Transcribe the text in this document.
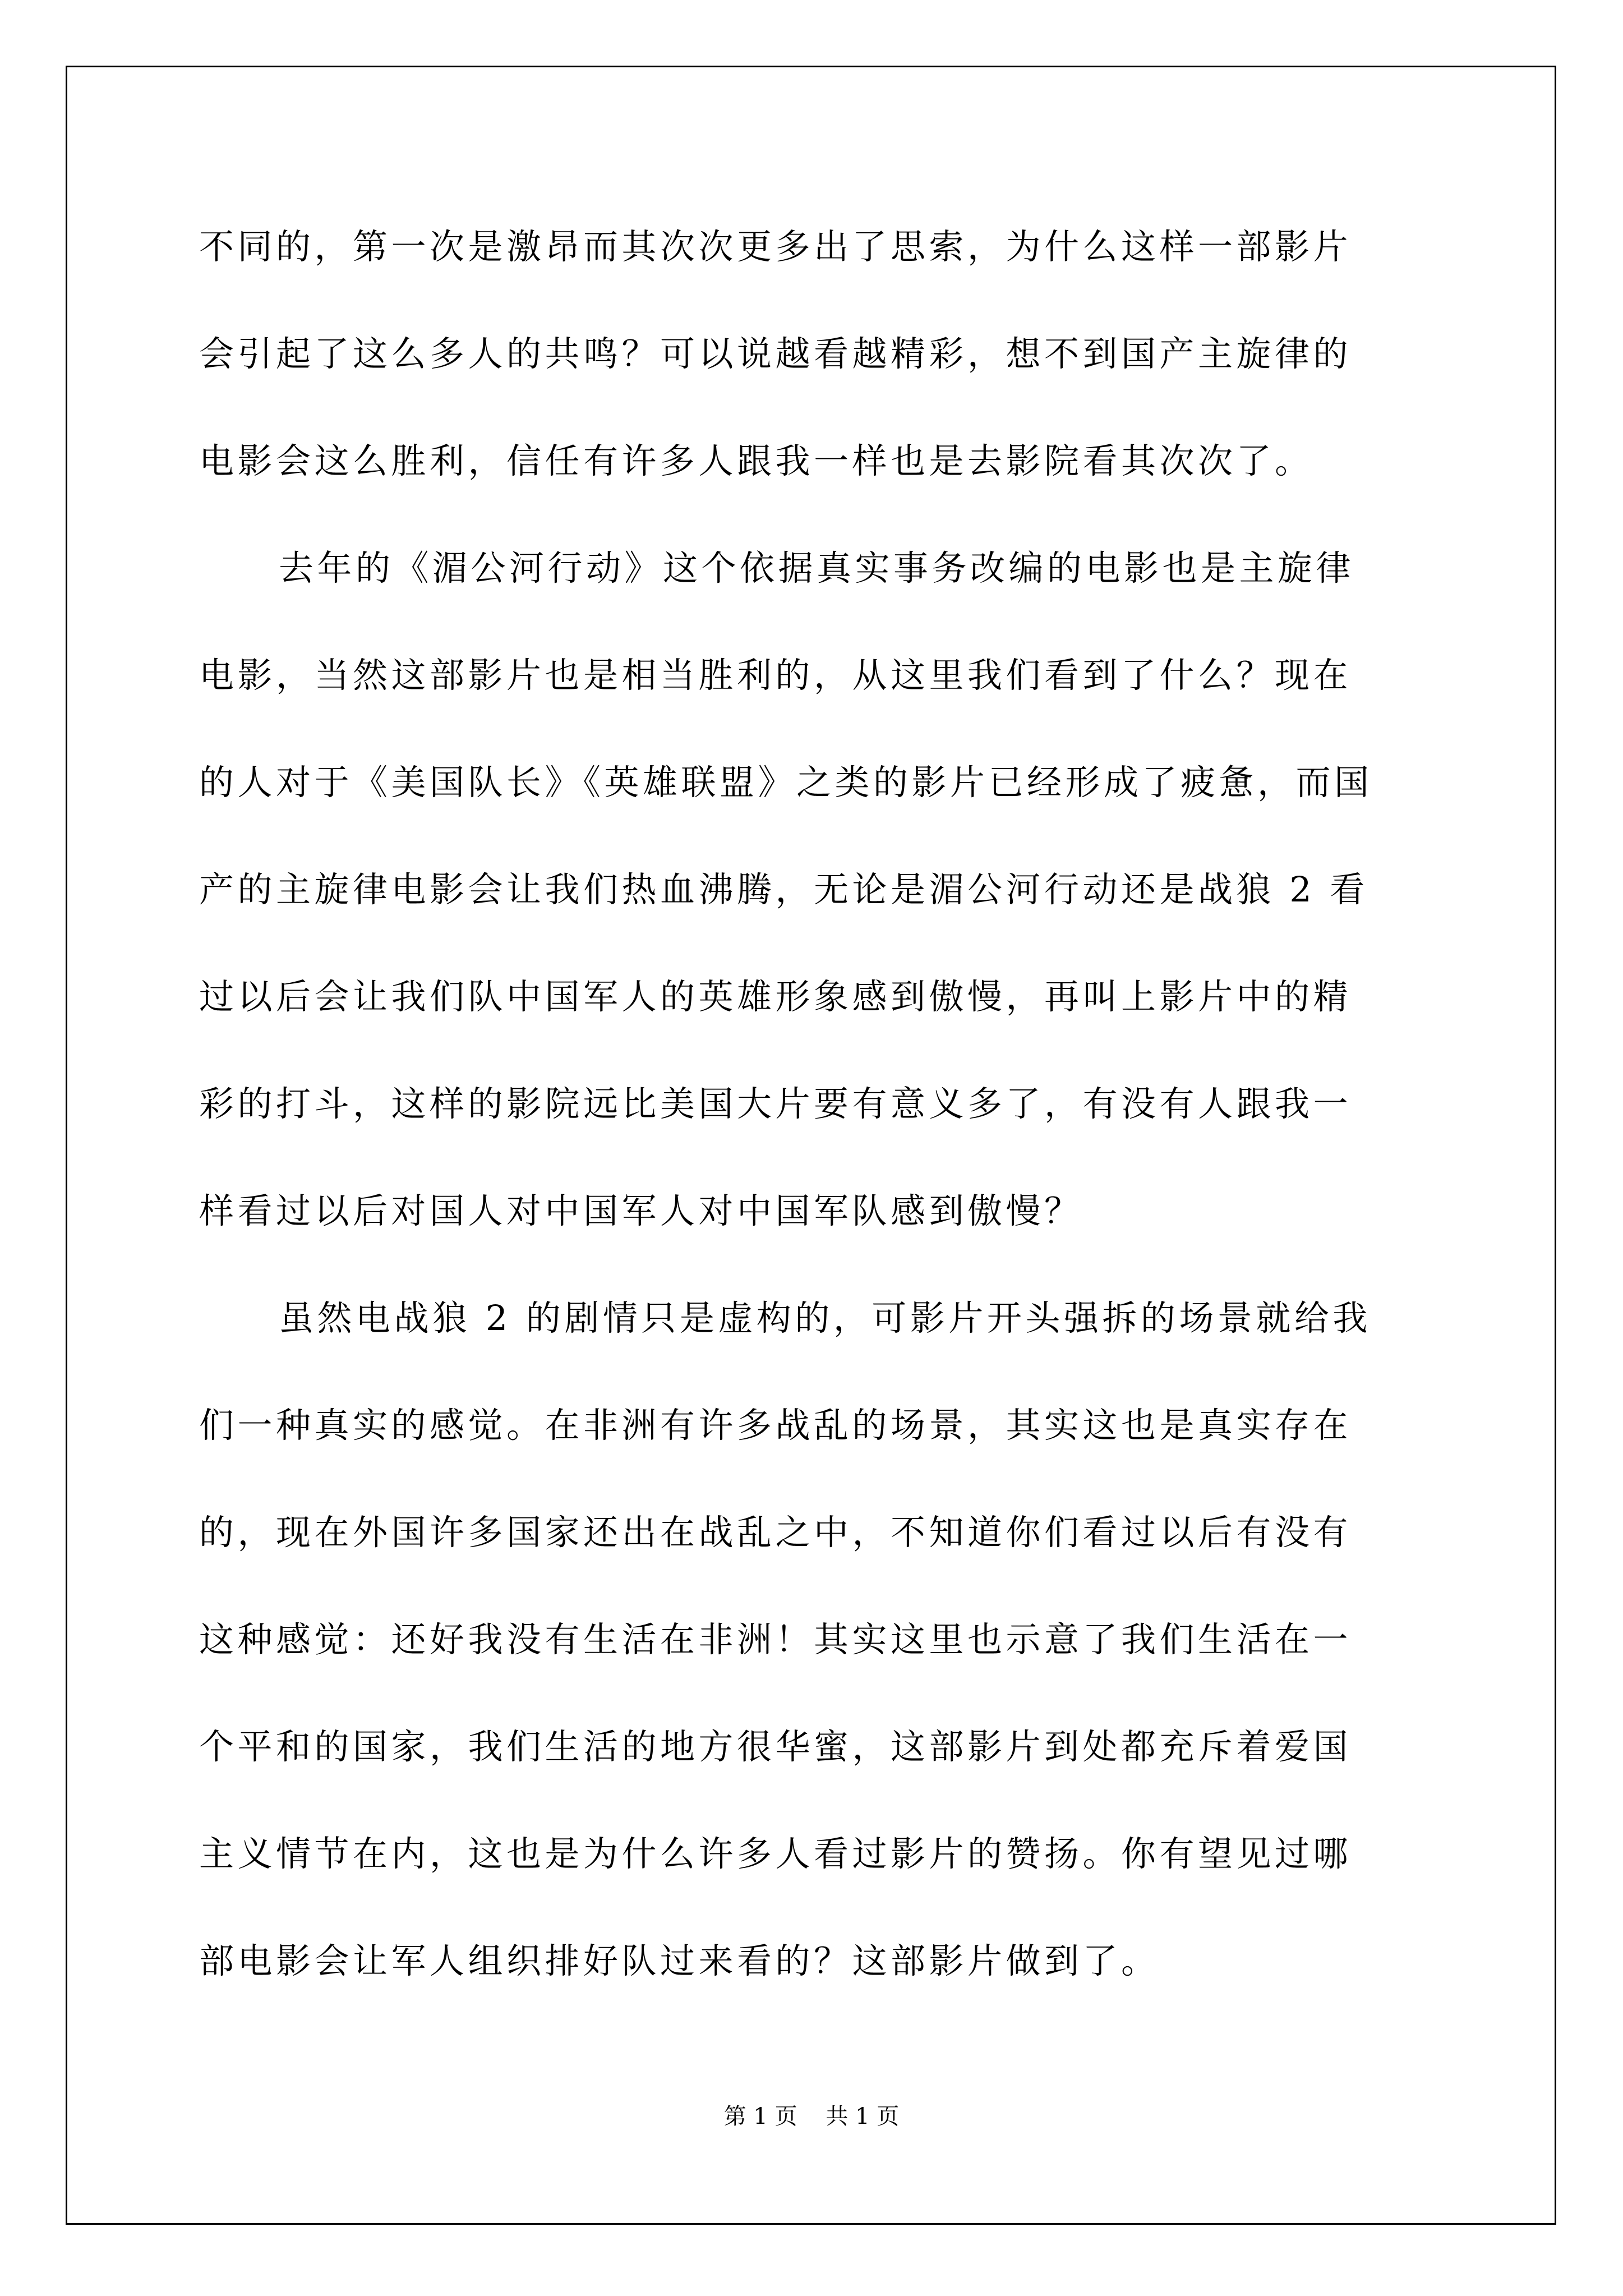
不同的，第一次是激昂而其次次更多出了思索，为什么这样一部影片
会引起了这么多人的共鸣？可以说越看越精彩，想不到国产主旋律的
电影会这么胜利，信任有许多人跟我一样也是去影院看其次次了。
去年的《湄公河行动》这个依据真实事务改编的电影也是主旋律
电影，当然这部影片也是相当胜利的，从这里我们看到了什么？现在
的人对于《美国队长》《英雄联盟》之类的影片已经形成了疲惫，而国
产的主旋律电影会让我们热血沸腾，无论是湄公河行动还是战狼 2 看
过以后会让我们队中国军人的英雄形象感到傲慢，再叫上影片中的精
彩的打斗，这样的影院远比美国大片要有意义多了，有没有人跟我一
样看过以后对国人对中国军人对中国军队感到傲慢？
虽然电战狼 2 的剧情只是虚构的，可影片开头强拆的场景就给我
们一种真实的感觉。在非洲有许多战乱的场景，其实这也是真实存在
的，现在外国许多国家还出在战乱之中，不知道你们看过以后有没有
这种感觉：还好我没有生活在非洲！其实这里也示意了我们生活在一
个平和的国家，我们生活的地方很华蜜，这部影片到处都充斥着爱国
主义情节在内，这也是为什么许多人看过影片的赞扬。你有望见过哪
部电影会让军人组织排好队过来看的？这部影片做到了。
第 1 页    共 1 页
